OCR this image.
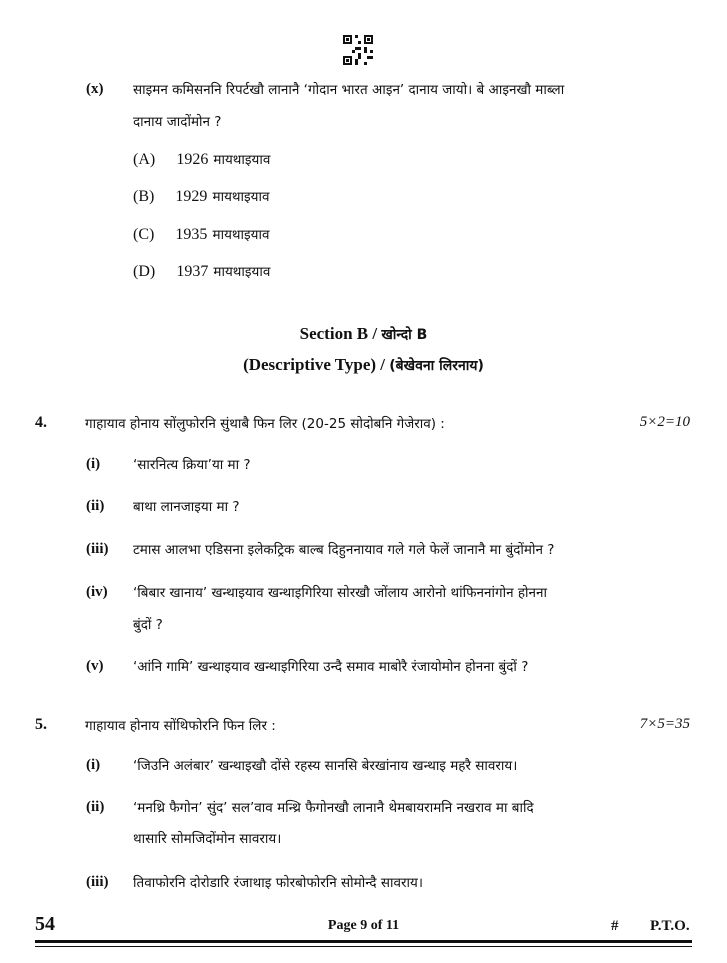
(x) साइमन कमिसननि रिपर्टखौ लानानै ‘गोदान भारत आइन’ दानाय जायो। बे आइनखौ माब्ला
दानाय जादोंमोन ?
(A) 1926 मायथाइयाव
(B) 1929 मायथाइयाव
(C) 1935 मायथाइयाव
(D) 1937 मायथाइयाव
Section B / खोन्दो B
(Descriptive Type) / (बेखेवना लिरनाय)
4.	गाहायाव होनाय सोंलुफोरनि सुंथाबै फिन लिर (20-25 सोदोबनि गेजेराव) :	5×2=10
(i) ‘सारनित्य क्रिया’या मा ?
(ii) बाथा लानजाइया मा ?
(iii) टमास आलभा एडिसना इलेकट्रिक बाल्ब दिहुननायाव गले गले फेलें जानानै मा बुंदोंमोन ?
(iv) ‘बिबार खानाय’ खन्थाइयाव खन्थाइगिरिया सोरखौ जोंलाय आरोनो थांफिननांगोन होनना
बुंदों ?
(v) ‘आंनि गामि’ खन्थाइयाव खन्थाइगिरिया उन्दै समाव माबोरै रंजायोमोन होनना बुंदों ?
5.	गाहायाव होनाय सोंथिफोरनि फिन लिर :	7×5=35
(i) ‘जिउनि अलंबार’ खन्थाइखौ दोंसे रहस्य सानसि बेरखांनाय खन्थाइ महरै सावराय।
(ii) ‘मनथ्रि फैगोन’ सुंद’ सल’वाव मन्थ्रि फैगोनखौ लानानै थेमबायरामनि नखराव मा बादि
थासारि सोमजिदोंमोन सावराय।
(iii) तिवाफोरनि दोरोडारि रंजाथाइ फोरबोफोरनि सोमोन्दै सावराय।
54	Page 9 of 11	# P.T.O.
